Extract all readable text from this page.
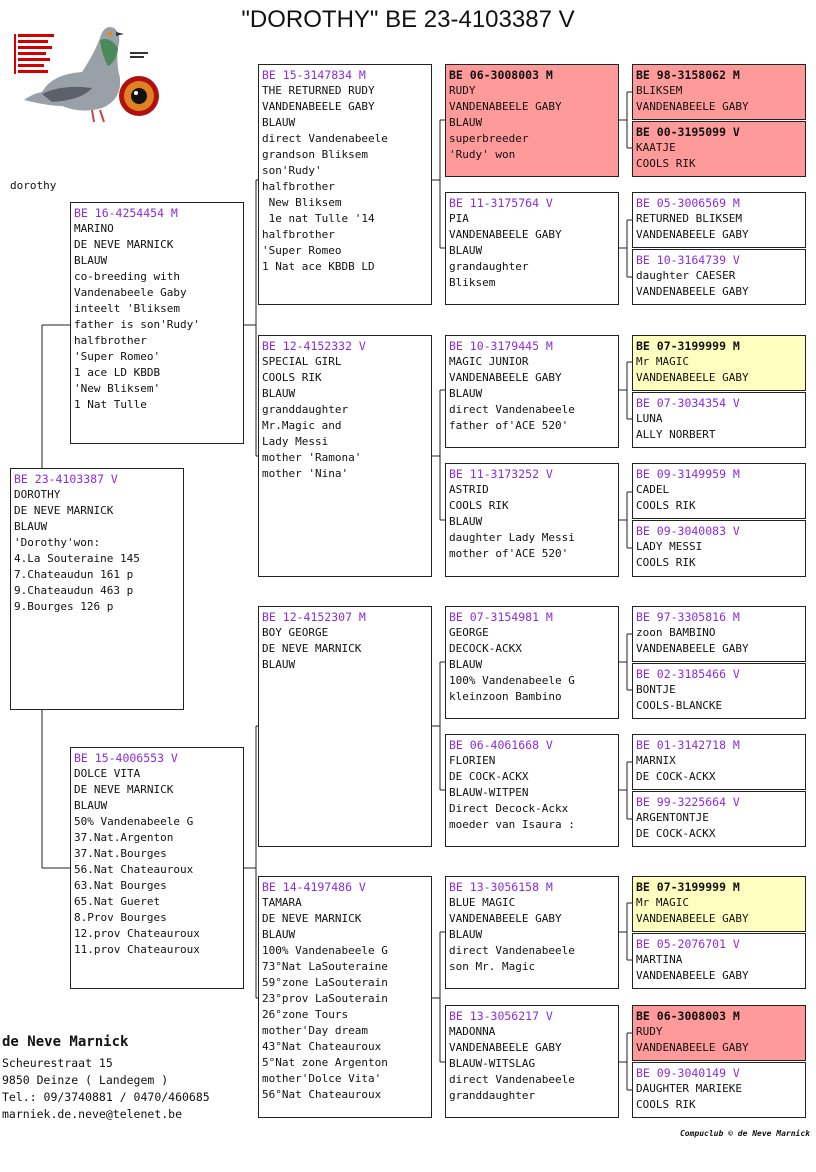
"DOROTHY" BE 23-4103387 V
dorothy
BE 23-4103387 V
DOROTHY
DE NEVE MARNICK
BLAUW
'Dorothy'won:
4.La Souteraine 145
7.Chateaudun 161 p
9.Chateaudun 463 p
9.Bourges 126 p
BE 16-4254454 M
MARINO
DE NEVE MARNICK
BLAUW
co-breeding with
Vandenabeele Gaby
inteelt 'Bliksem
father is son'Rudy'
halfbrother
'Super Romeo'
1 ace LD KBDB
'New Bliksem'
1 Nat Tulle
BE 15-4006553 V
DOLCE VITA
DE NEVE MARNICK
BLAUW
50% Vandenabeele G
37.Nat.Argenton
37.Nat.Bourges
56.Nat Chateauroux
63.Nat Bourges
65.Nat Gueret
8.Prov Bourges
12.prov Chateauroux
11.prov Chateauroux
BE 15-3147834 M
THE RETURNED RUDY
VANDENABEELE GABY
BLAUW
direct Vandenabeele
grandson Bliksem
son'Rudy'
halfbrother
New Bliksem
1e nat Tulle '14
halfbrother
'Super Romeo
1 Nat ace KBDB LD
BE 12-4152332 V
SPECIAL GIRL
COOLS RIK
BLAUW
granddaughter
Mr.Magic and
Lady Messi
mother 'Ramona'
mother 'Nina'
BE 12-4152307 M
BOY GEORGE
DE NEVE MARNICK
BLAUW
BE 14-4197486 V
TAMARA
DE NEVE MARNICK
BLAUW
100% Vandenabeele G
73°Nat LaSouteraine
59°zone LaSouterain
23°prov LaSouterain
26°zone Tours
mother'Day dream
43°Nat Chateauroux
5°Nat zone Argenton
mother'Dolce Vita'
56°Nat Chateauroux
BE 06-3008003 M
RUDY
VANDENABEELE GABY
BLAUW
superbreeder
'Rudy' won
BE 11-3175764 V
PIA
VANDENABEELE GABY
BLAUW
grandaughter
Bliksem
BE 10-3179445 M
MAGIC JUNIOR
VANDENABEELE GABY
BLAUW
direct Vandenabeele
father of'ACE 520'
BE 11-3173252 V
ASTRID
COOLS RIK
BLAUW
daughter Lady Messi
mother of'ACE 520'
BE 07-3154981 M
GEORGE
DECOCK-ACKX
BLAUW
100% Vandenabeele G
kleinzoon Bambino
BE 06-4061668 V
FLORIEN
DE COCK-ACKX
BLAUW-WITPEN
Direct Decock-Ackx
moeder van Isaura :
BE 13-3056158 M
BLUE MAGIC
VANDENABEELE GABY
BLAUW
direct Vandenabeele
son Mr. Magic
BE 13-3056217 V
MADONNA
VANDENABEELE GABY
BLAUW-WITSLAG
direct Vandenabeele
granddaughter
BE 98-3158062 M
BLIKSEM
VANDENABEELE GABY
BE 00-3195099 V
KAATJE
COOLS RIK
BE 05-3006569 M
RETURNED BLIKSEM
VANDENABEELE GABY
BE 10-3164739 V
daughter CAESER
VANDENABEELE GABY
BE 07-3199999 M
Mr MAGIC
VANDENABEELE GABY
BE 07-3034354 V
LUNA
ALLY NORBERT
BE 09-3149959 M
CADEL
COOLS RIK
BE 09-3040083 V
LADY MESSI
COOLS RIK
BE 97-3305816 M
zoon BAMBINO
VANDENABEELE GABY
BE 02-3185466 V
BONTJE
COOLS-BLANCKE
BE 01-3142718 M
MARNIX
DE COCK-ACKX
BE 99-3225664 V
ARGENTONTJE
DE COCK-ACKX
BE 07-3199999 M
Mr MAGIC
VANDENABEELE GABY
BE 05-2076701 V
MARTINA
VANDENABEELE GABY
BE 06-3008003 M
RUDY
VANDENABEELE GABY
BE 09-3040149 V
DAUGHTER MARIEKE
COOLS RIK
de Neve Marnick
Scheurestraat 15
9850 Deinze ( Landegem )
Tel.: 09/3740881 / 0470/460685
marniek.de.neve@telenet.be
Compuclub © de Neve Marnick
